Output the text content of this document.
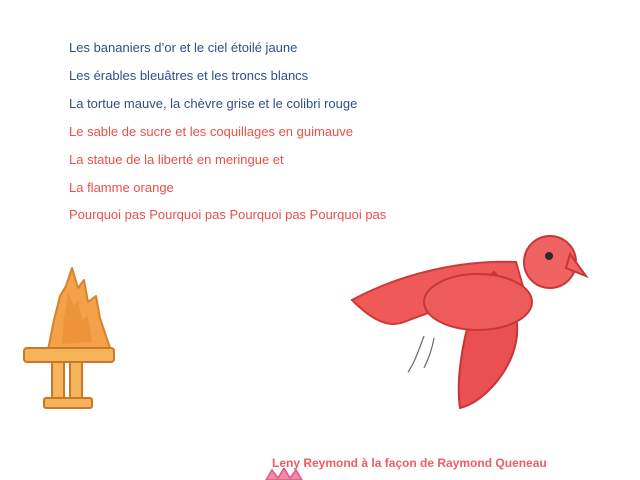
Les bananiers d’or et le ciel étoilé jaune

Les érables bleuâtres et les troncs blancs

La tortue mauve, la chèvre grise et le colibri rouge

Le sable de sucre et les coquillages en guimauve

La statue de la liberté en meringue et

La flamme orange

Pourquoi pas Pourquoi pas Pourquoi pas Pourquoi pas

Leny Reymond à la façon de Raymond Queneau
